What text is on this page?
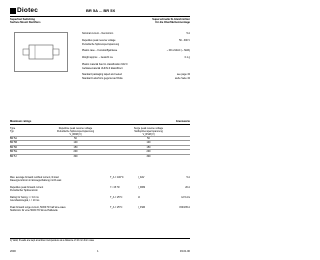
Diotec	BR 5A ... BR 5X
Superfast Switching
Surface Mount Rectifiers
Superschnelle Si-Gleichrichter
für die Oberflächenmontage
Nominal current – Nennstrom	5 A
Repetitive peak reverse voltage	50...300 V
Periodische Spitzensperrspannung
Plastic case – Kunststoffgehäuse	~ DO-214AC (~ SMA)
Weight approx. – Gewicht ca.	0.1 g
Plastic material has UL classification 94V-0
Gehäusematerial UL94V-0 klassifiziert
Standard packaging taped and reeled	see page 34
Standard Lieferform gegurtet auf Rolle	siehe Seite 34
Maximum ratings	Grenzwerte
Type
Typ
Repetitive peak reverse voltage
Periodische Spitzensperrspannung
V_RRM [V]
Surge peak reverse voltage
Stoßspitzensperrspannung
V_RSM [V]
BR 5A	50	50
BR 5B	100	100
BR 5D	150	150
BR 5G	200	200
BR 5J	300	300
Max. average forward rectified current, R-load
Dauergrenzstrom in Einwegschaltung mit R-Last
T_A = 100°C	I_FAV	5 A
Repetitive peak forward current
Periodischer Spitzenstrom
f > 15 Hz	I_FRM	20 A
Rating for fusing, t < 10 ms
Grenzlastintegral, t < 10 ms
T_A = 25°C	i²t	12.5 A²s
Peak forward surge current, 50/60 Hz half sine-wave
Stoßstrom für eine 50/60 Hz Sinus-Halbwelle
T_A = 25°C	I_FSM	150/165 A
1) Valid, if leads are kept at ambient temperature at a distance of 10 mm from case
2000	1	03.01.00
